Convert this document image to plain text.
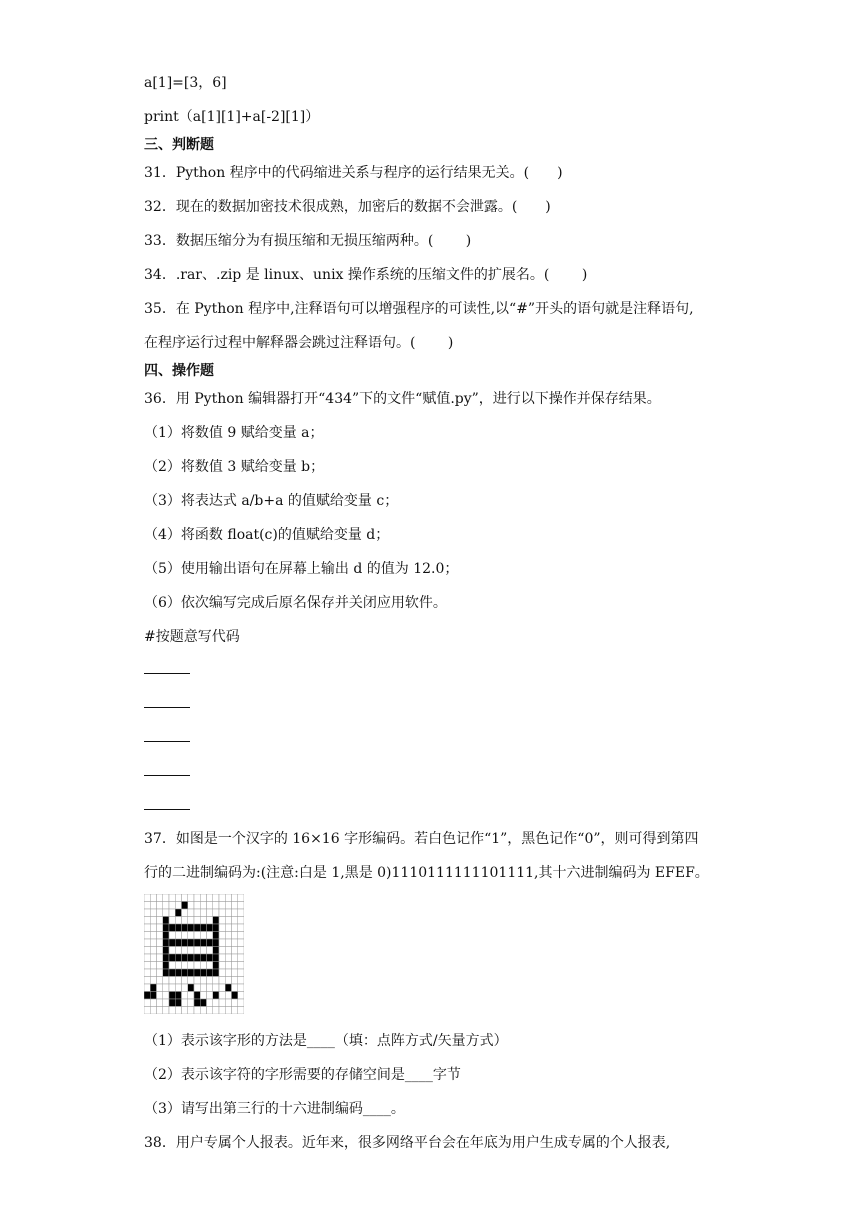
a[1]=[3，6]
print（a[1][1]+a[-2][1]）
三、判断题
31．Python 程序中的代码缩进关系与程序的运行结果无关。(　　)
32．现在的数据加密技术很成熟，加密后的数据不会泄露。(　　)
33．数据压缩分为有损压缩和无损压缩两种。(　　 )
34．.rar、.zip 是 linux、unix 操作系统的压缩文件的扩展名。(　　 )
35．在 Python 程序中,注释语句可以增强程序的可读性,以“#”开头的语句就是注释语句,
在程序运行过程中解释器会跳过注释语句。(　　 )
四、操作题
36．用 Python 编辑器打开“434”下的文件“赋值.py”，进行以下操作并保存结果。
（1）将数值 9 赋给变量 a；
（2）将数值 3 赋给变量 b；
（3）将表达式 a/b+a 的值赋给变量 c；
（4）将函数 float(c)的值赋给变量 d；
（5）使用输出语句在屏幕上输出 d 的值为 12.0；
（6）依次编写完成后原名保存并关闭应用软件。
#按题意写代码
37．如图是一个汉字的 16×16 字形编码。若白色记作“1”，黑色记作“0”，则可得到第四
行的二进制编码为:(注意:白是 1,黑是 0)1110111111101111,其十六进制编码为 EFEF。
（1）表示该字形的方法是____（填：点阵方式/矢量方式）
（2）表示该字符的字形需要的存储空间是____字节
（3）请写出第三行的十六进制编码____。
38．用户专属个人报表。近年来，很多网络平台会在年底为用户生成专属的个人报表,
